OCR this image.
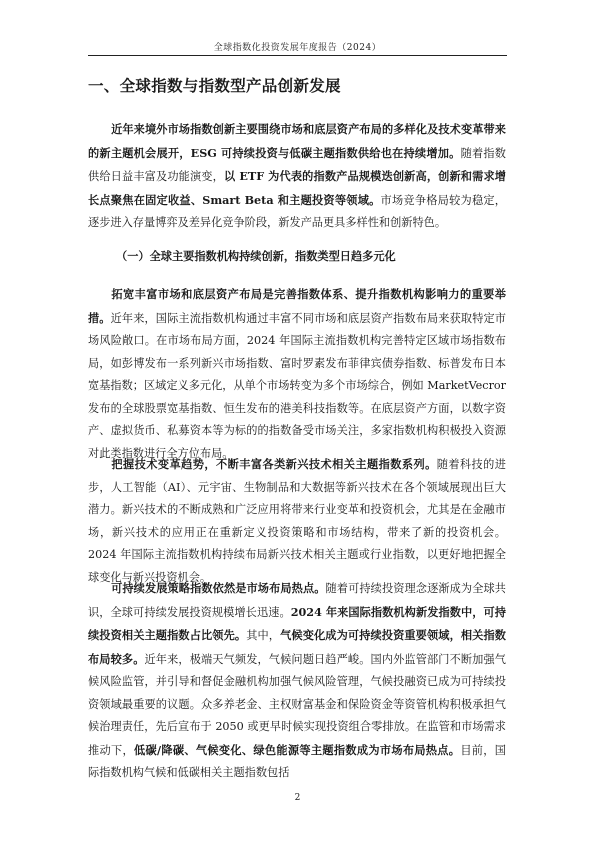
全球指数化投资发展年度报告（2024）
一、全球指数与指数型产品创新发展

近年来境外市场指数创新主要围绕市场和底层资产布局的多样化及技术变革带来的新主题机会展开，ESG 可持续投资与低碳主题指数供给也在持续增加。随着指数供给日益丰富及功能演变，以 ETF 为代表的指数产品规模迭创新高，创新和需求增长点聚焦在固定收益、Smart Beta 和主题投资等领域。市场竞争格局较为稳定，逐步进入存量博弈及差异化竞争阶段，新发产品更具多样性和创新特色。

（一）全球主要指数机构持续创新，指数类型日趋多元化

拓宽丰富市场和底层资产布局是完善指数体系、提升指数机构影响力的重要举措。近年来，国际主流指数机构通过丰富不同市场和底层资产指数布局来获取特定市场风险敞口。在市场布局方面，2024 年国际主流指数机构完善特定区域市场指数布局，如彭博发布一系列新兴市场指数、富时罗素发布菲律宾债券指数、标普发布日本宽基指数；区域定义多元化，从单个市场转变为多个市场综合，例如 MarketVecror 发布的全球股票宽基指数、恒生发布的港美科技指数等。在底层资产方面，以数字资产、虚拟货币、私募资本等为标的的指数备受市场关注，多家指数机构积极投入资源对此类指数进行全方位布局。

把握技术变革趋势，不断丰富各类新兴技术相关主题指数系列。随着科技的进步，人工智能（AI）、元宇宙、生物制品和大数据等新兴技术在各个领域展现出巨大潜力。新兴技术的不断成熟和广泛应用将带来行业变革和投资机会，尤其是在金融市场，新兴技术的应用正在重新定义投资策略和市场结构，带来了新的投资机会。2024 年国际主流指数机构持续布局新兴技术相关主题或行业指数，以更好地把握全球变化与新兴投资机会。

可持续发展策略指数依然是市场布局热点。随着可持续投资理念逐渐成为全球共识，全球可持续发展投资规模增长迅速。2024 年来国际指数机构新发指数中，可持续投资相关主题指数占比领先。其中，气候变化成为可持续投资重要领域，相关指数布局较多。近年来，极端天气频发，气候问题日趋严峻。国内外监管部门不断加强气候风险监管，并引导和督促金融机构加强气候风险管理，气候投融资已成为可持续投资领域最重要的议题。众多养老金、主权财富基金和保险资金等资管机构积极承担气候治理责任，先后宣布于 2050 或更早时候实现投资组合零排放。在监管和市场需求推动下，低碳/降碳、气候变化、绿色能源等主题指数成为市场布局热点。目前，国际指数机构气候和低碳相关主题指数包括

2
